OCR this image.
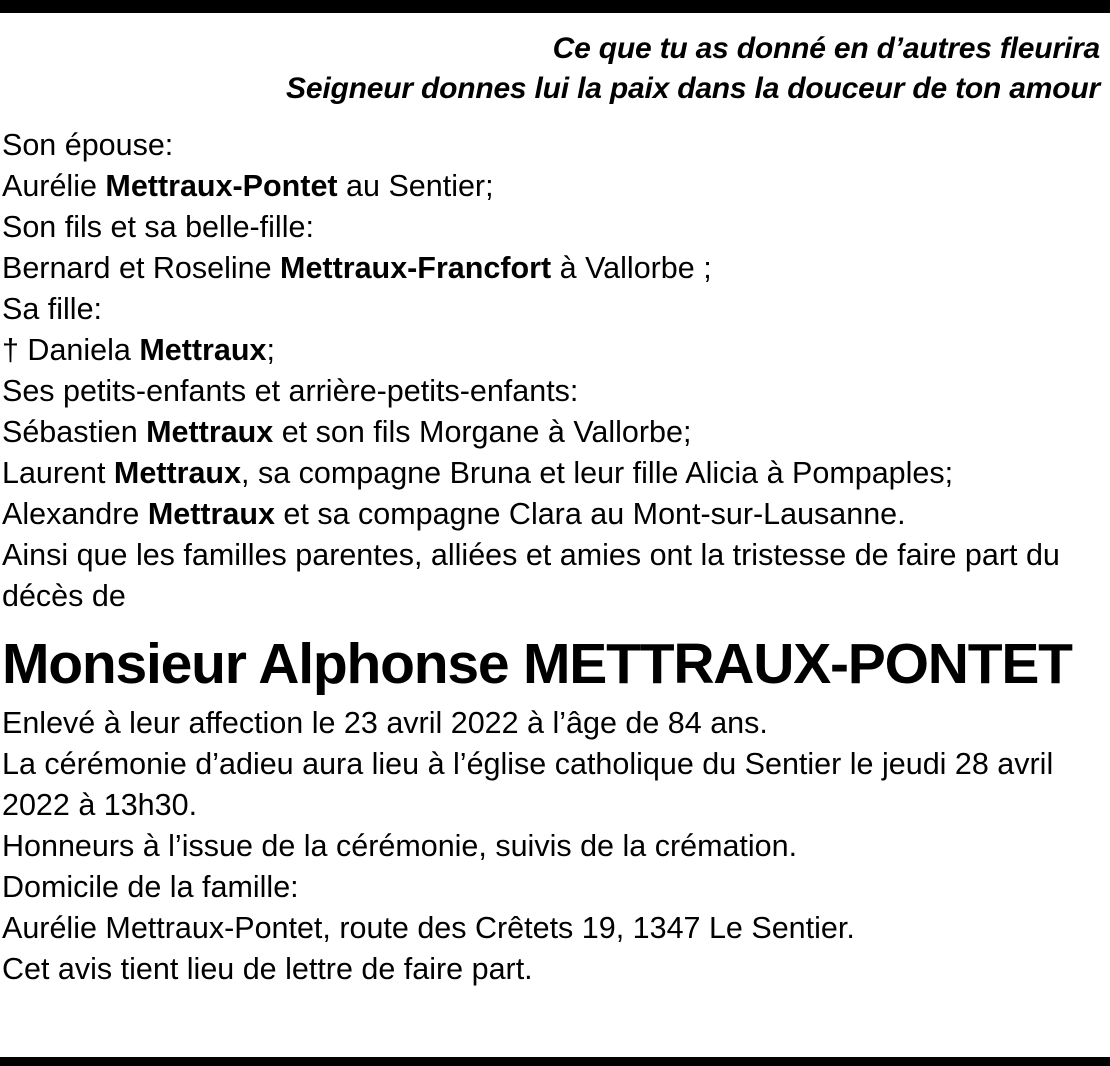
Ce que tu as donné en d’autres fleurira
Seigneur donnes lui la paix dans la douceur de ton amour

Son épouse:

Aurélie Mettraux-Pontet au Sentier;

Son fils et sa belle-fille:

Bernard et Roseline Mettraux-Francfort à Vallorbe ;

Sa fille:

† Daniela Mettraux;

Ses petits-enfants et arrière-petits-enfants:

Sébastien Mettraux et son fils Morgane à Vallorbe;

Laurent Mettraux, sa compagne Bruna et leur fille Alicia à Pompaples;

Alexandre Mettraux et sa compagne Clara au Mont-sur-Lausanne.

Ainsi que les familles parentes, alliées et amies ont la tristesse de faire part du décès de

Monsieur Alphonse METTRAUX-PONTET

Enlevé à leur affection le 23 avril 2022 à l’âge de 84 ans.

La cérémonie d’adieu aura lieu à l’église catholique du Sentier le jeudi 28 avril 2022 à 13h30.

Honneurs à l’issue de la cérémonie, suivis de la crémation.

Domicile de la famille:

Aurélie Mettraux-Pontet, route des Crêtets 19, 1347 Le Sentier.

Cet avis tient lieu de lettre de faire part.
